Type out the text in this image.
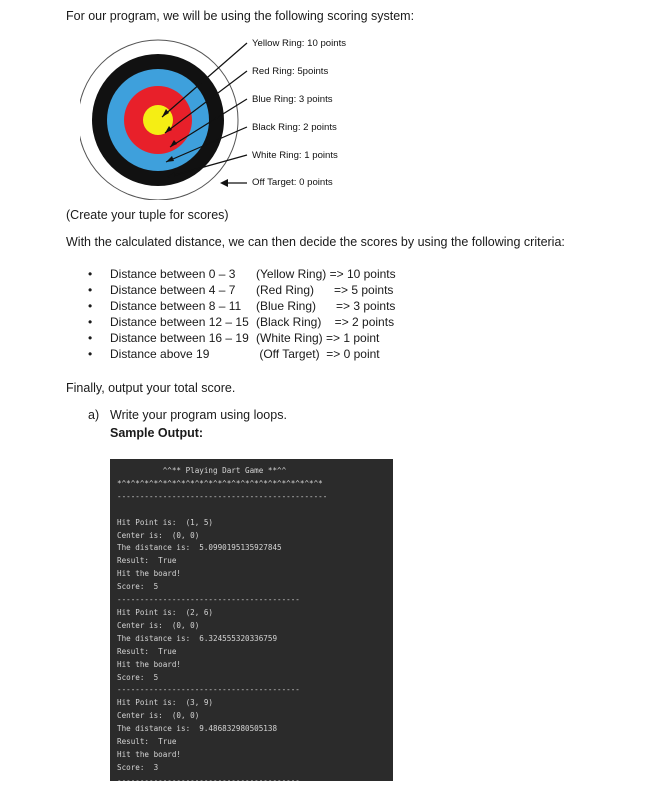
For our program, we will be using the following scoring system:
Yellow Ring: 10 points
Red Ring: 5points
Blue Ring: 3 points
Black Ring: 2 points
White Ring: 1 points
Off Target: 0 points
(Create your tuple for scores)
With the calculated distance, we can then decide the scores by using the following criteria:
• Distance between 0 – 3 (Yellow Ring) => 10 points
• Distance between 4 – 7 (Red Ring)      => 5 points
• Distance between 8 – 11 (Blue Ring)      => 3 points
• Distance between 12 – 15 (Black Ring)    => 2 points
• Distance between 16 – 19 (White Ring) => 1 point
• Distance above 19	(Off Target)  => 0 point
Finally, output your total score.
a) Write your program using loops.
Sample Output:
^^** Playing Dart Game **^^
*^*^*^*^*^*^*^*^*^*^*^*^*^*^*^*^*^*^*^*^*^*^*
----------------------------------------------

Hit Point is:  (1, 5)
Center is:  (0, 0)
The distance is:  5.0990195135927845
Result:  True
Hit the board!
Score:  5
----------------------------------------
Hit Point is:  (2, 6)
Center is:  (0, 0)
The distance is:  6.324555320336759
Result:  True
Hit the board!
Score:  5
----------------------------------------
Hit Point is:  (3, 9)
Center is:  (0, 0)
The distance is:  9.486832980505138
Result:  True
Hit the board!
Score:  3
----------------------------------------
